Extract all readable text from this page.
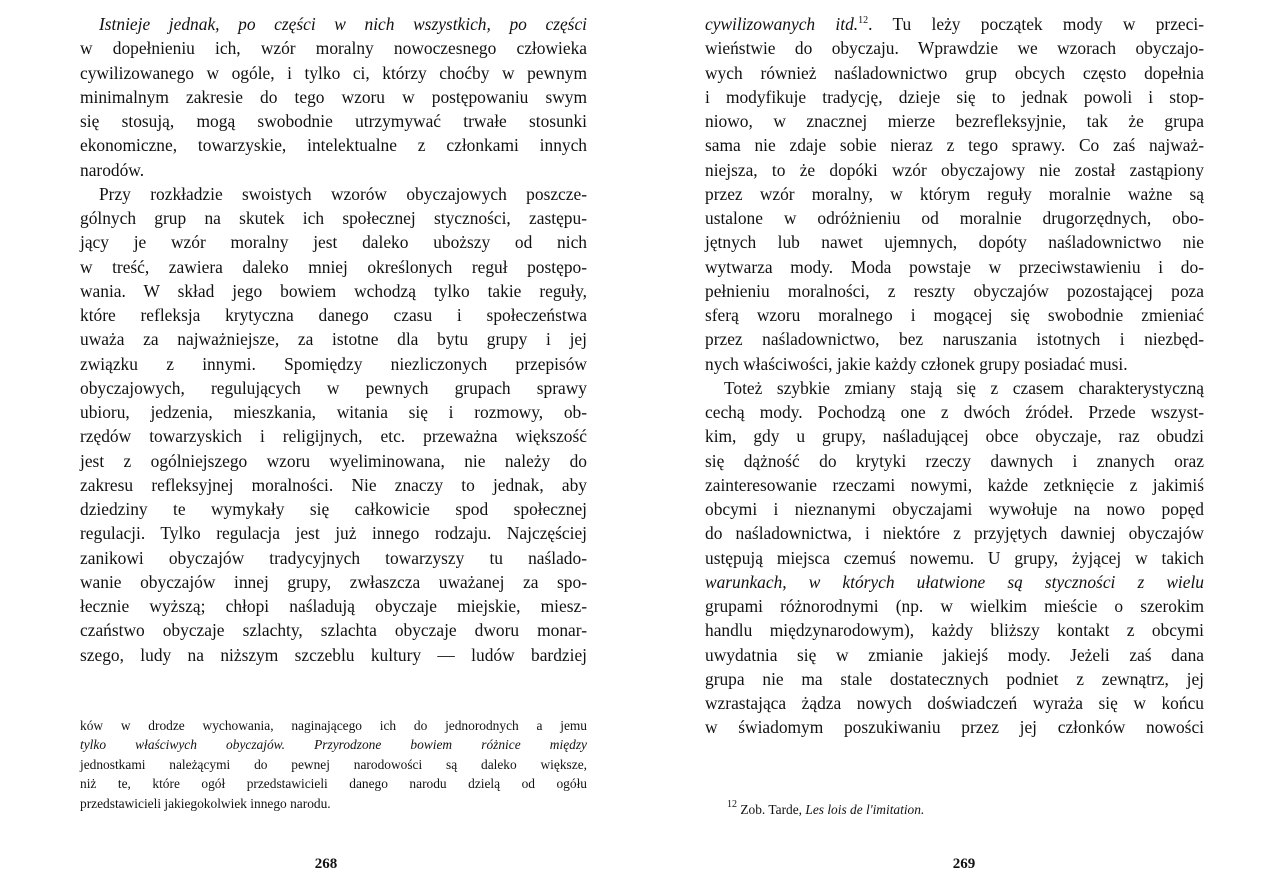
Istnieje jednak, po części w nich wszystkich, po części
w dopełnieniu ich, wzór moralny nowoczesnego człowieka
cywilizowanego w ogóle, i tylko ci, którzy choćby w pewnym
minimalnym zakresie do tego wzoru w postępowaniu swym
się stosują, mogą swobodnie utrzymywać trwałe stosunki
ekonomiczne, towarzyskie, intelektualne z członkami innych
narodów.
Przy rozkładzie swoistych wzorów obyczajowych poszcze-
gólnych grup na skutek ich społecznej styczności, zastępu-
jący je wzór moralny jest daleko uboższy od nich
w treść, zawiera daleko mniej określonych reguł postępo-
wania. W skład jego bowiem wchodzą tylko takie reguły,
które refleksja krytyczna danego czasu i społeczeństwa
uważa za najważniejsze, za istotne dla bytu grupy i jej
związku z innymi. Spomiędzy niezliczonych przepisów
obyczajowych, regulujących w pewnych grupach sprawy
ubioru, jedzenia, mieszkania, witania się i rozmowy, ob-
rzędów towarzyskich i religijnych, etc. przeważna większość
jest z ogólniejszego wzoru wyeliminowana, nie należy do
zakresu refleksyjnej moralności. Nie znaczy to jednak, aby
dziedziny te wymykały się całkowicie spod społecznej
regulacji. Tylko regulacja jest już innego rodzaju. Najczęściej
zanikowi obyczajów tradycyjnych towarzyszy tu naślado-
wanie obyczajów innej grupy, zwłaszcza uważanej za spo-
łecznie wyższą; chłopi naśladują obyczaje miejskie, miesz-
czaństwo obyczaje szlachty, szlachta obyczaje dworu monar-
szego, ludy na niższym szczeblu kultury — ludów bardziej
ków w drodze wychowania, naginającego ich do jednorodnych a jemu
tylko właściwych obyczajów. Przyrodzone bowiem różnice między
jednostkami należącymi do pewnej narodowości są daleko większe,
niż te, które ogół przedstawicieli danego narodu dzielą od ogółu
przedstawicieli jakiegokolwiek innego narodu.
268
cywilizowanych itd.$^{12}$. Tu leży początek mody w przeci-
wieństwie do obyczaju. Wprawdzie we wzorach obyczajo-
wych również naśladownictwo grup obcych często dopełnia
i modyfikuje tradycję, dzieje się to jednak powoli i stop-
niowo, w znacznej mierze bezrefleksyjnie, tak że grupa
sama nie zdaje sobie nieraz z tego sprawy. Co zaś najważ-
niejsza, to że dopóki wzór obyczajowy nie został zastąpiony
przez wzór moralny, w którym reguły moralnie ważne są
ustalone w odróżnieniu od moralnie drugorzędnych, obo-
jętnych lub nawet ujemnych, dopóty naśladownictwo nie
wytwarza mody. Moda powstaje w przeciwstawieniu i do-
pełnieniu moralności, z reszty obyczajów pozostającej poza
sferą wzoru moralnego i mogącej się swobodnie zmieniać
przez naśladownictwo, bez naruszania istotnych i niezbęd-
nych właściwości, jakie każdy członek grupy posiadać musi.
Toteż szybkie zmiany stają się z czasem charakterystyczną
cechą mody. Pochodzą one z dwóch źródeł. Przede wszyst-
kim, gdy u grupy, naśladującej obce obyczaje, raz obudzi
się dążność do krytyki rzeczy dawnych i znanych oraz
zainteresowanie rzeczami nowymi, każde zetknięcie z jakimiś
obcymi i nieznanymi obyczajami wywołuje na nowo popęd
do naśladownictwa, i niektóre z przyjętych dawniej obyczajów
ustępują miejsca czemuś nowemu. U grupy, żyjącej w takich
warunkach, w których ułatwione są styczności z wielu
grupami różnorodnymi (np. w wielkim mieście o szerokim
handlu międzynarodowym), każdy bliższy kontakt z obcymi
uwydatnia się w zmianie jakiejś mody. Jeżeli zaś dana
grupa nie ma stale dostatecznych podniet z zewnątrz, jej
wzrastająca żądza nowych doświadczeń wyraża się w końcu
w świadomym poszukiwaniu przez jej członków nowości
$^{12}$ Zob. Tarde, Les lois de l'imitation.
269
